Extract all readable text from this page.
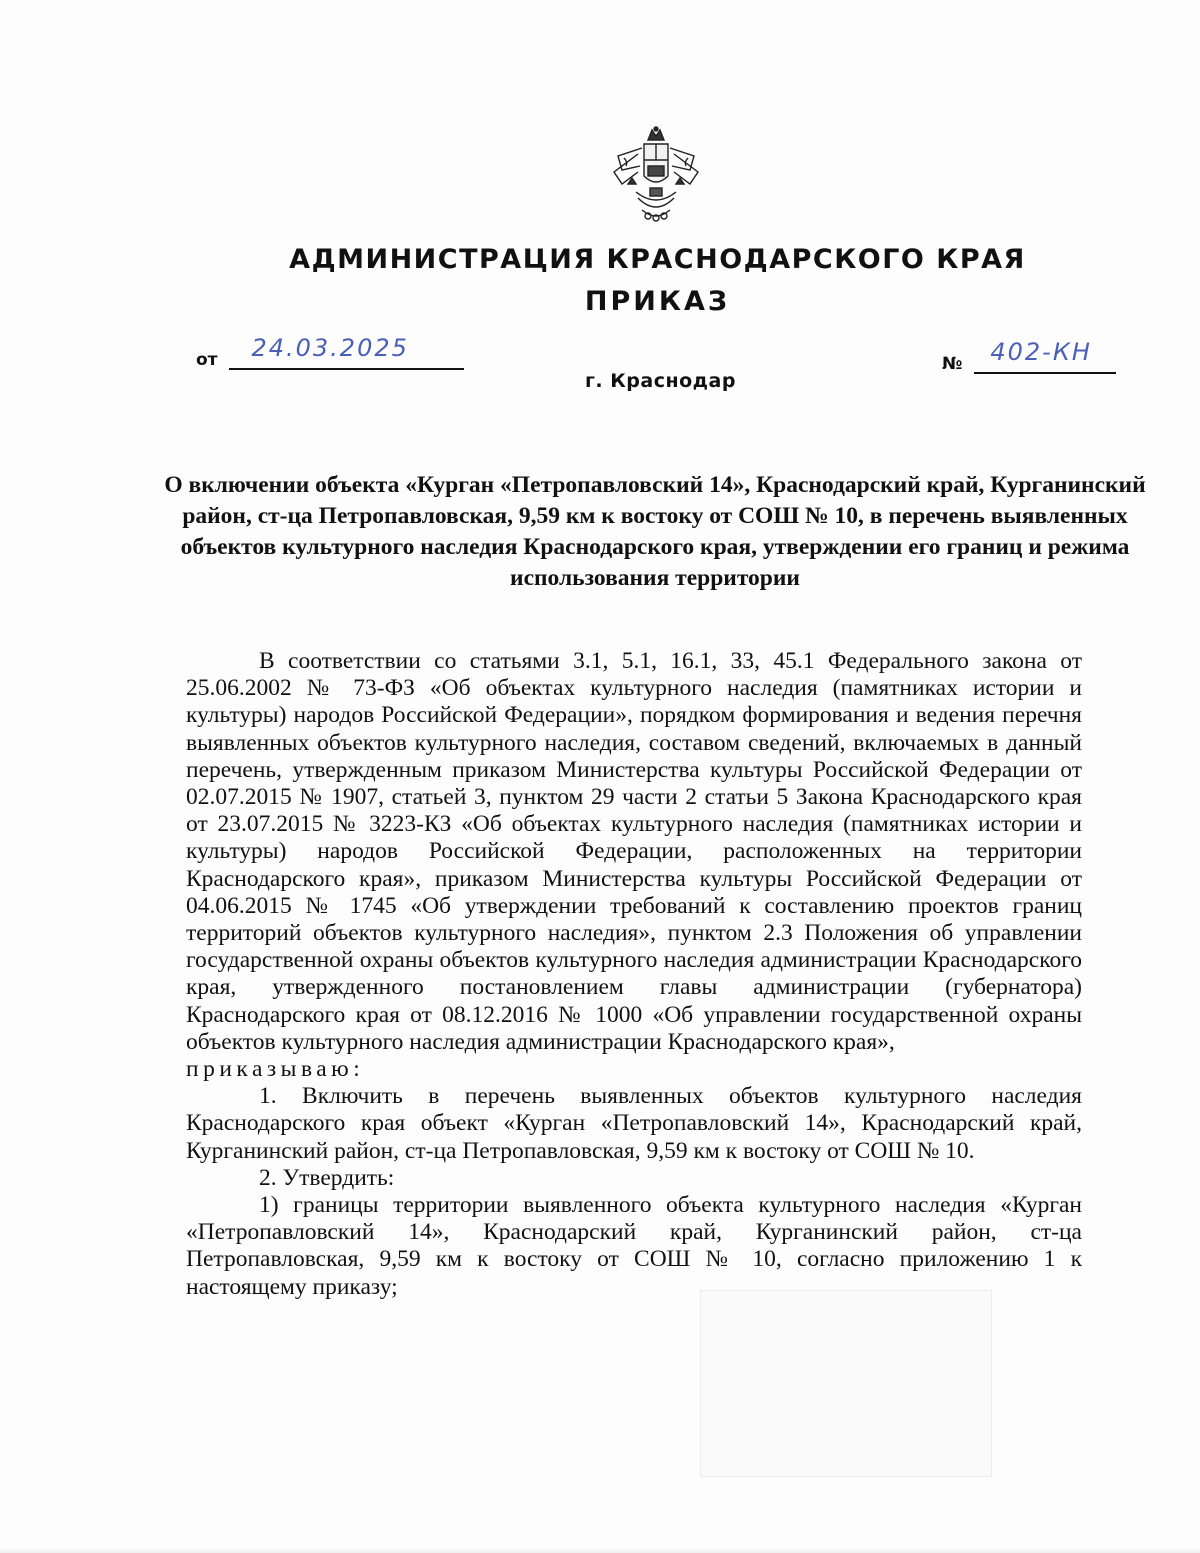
АДМИНИСТРАЦИЯ КРАСНОДАРСКОГО КРАЯ
ПРИКАЗ
от 24.03.2025
г. Краснодар
№ 402-КН
О включении объекта «Курган «Петропавловский 14», Краснодарский край, Курганинский район, ст-ца Петропавловская, 9,59 км к востоку от СОШ № 10, в перечень выявленных объектов культурного наследия Краснодарского края, утверждении его границ и режима использования территории

В соответствии со статьями 3.1, 5.1, 16.1, 33, 45.1 Федерального закона от 25.06.2002 № 73-ФЗ «Об объектах культурного наследия (памятниках истории и культуры) народов Российской Федерации», порядком формирования и ведения перечня выявленных объектов культурного наследия, составом сведений, включаемых в данный перечень, утвержденным приказом Министерства культуры Российской Федерации от 02.07.2015 № 1907, статьей 3, пунктом 29 части 2 статьи 5 Закона Краснодарского края от 23.07.2015 № 3223-КЗ «Об объектах культурного наследия (памятниках истории и культуры) народов Российской Федерации, расположенных на территории Краснодарского края», приказом Министерства культуры Российской Федерации от 04.06.2015 № 1745 «Об утверждении требований к составлению проектов границ территорий объектов культурного наследия», пунктом 2.3 Положения об управлении государственной охраны объектов культурного наследия администрации Краснодарского края, утвержденного постановлением главы администрации (губернатора) Краснодарского края от 08.12.2016 № 1000 «Об управлении государственной охраны объектов культурного наследия администрации Краснодарского края»,

приказываю:

1. Включить в перечень выявленных объектов культурного наследия Краснодарского края объект «Курган «Петропавловский 14», Краснодарский край, Курганинский район, ст-ца Петропавловская, 9,59 км к востоку от СОШ № 10.

2. Утвердить:

1) границы территории выявленного объекта культурного наследия «Курган «Петропавловский 14», Краснодарский край, Курганинский район, ст-ца Петропавловская, 9,59 км к востоку от СОШ № 10, согласно приложению 1 к настоящему приказу;
